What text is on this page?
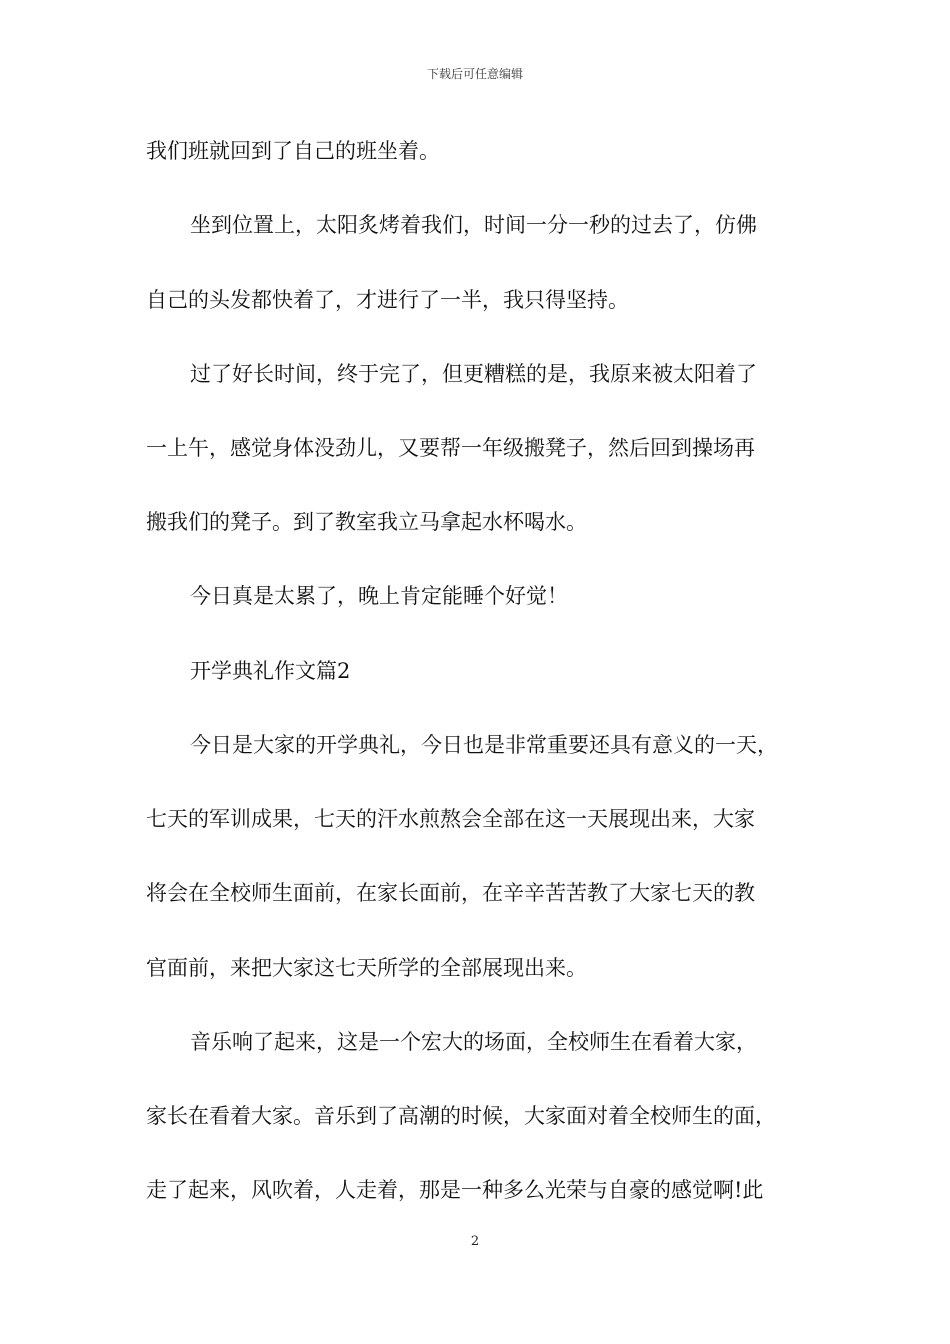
下载后可任意编辑
我们班就回到了自己的班坐着。
坐到位置上，太阳炙烤着我们，时间一分一秒的过去了，仿佛
自己的头发都快着了，才进行了一半，我只得坚持。
过了好长时间，终于完了，但更糟糕的是，我原来被太阳着了
一上午，感觉身体没劲儿，又要帮一年级搬凳子，然后回到操场再
搬我们的凳子。到了教室我立马拿起水杯喝水。
今日真是太累了，晚上肯定能睡个好觉！
开学典礼作文篇2
今日是大家的开学典礼，今日也是非常重要还具有意义的一天，
七天的军训成果，七天的汗水煎熬会全部在这一天展现出来，大家
将会在全校师生面前，在家长面前，在辛辛苦苦教了大家七天的教
官面前，来把大家这七天所学的全部展现出来。
音乐响了起来，这是一个宏大的场面，全校师生在看着大家，
家长在看着大家。音乐到了高潮的时候，大家面对着全校师生的面，
走了起来，风吹着，人走着，那是一种多么光荣与自豪的感觉啊!此
2
